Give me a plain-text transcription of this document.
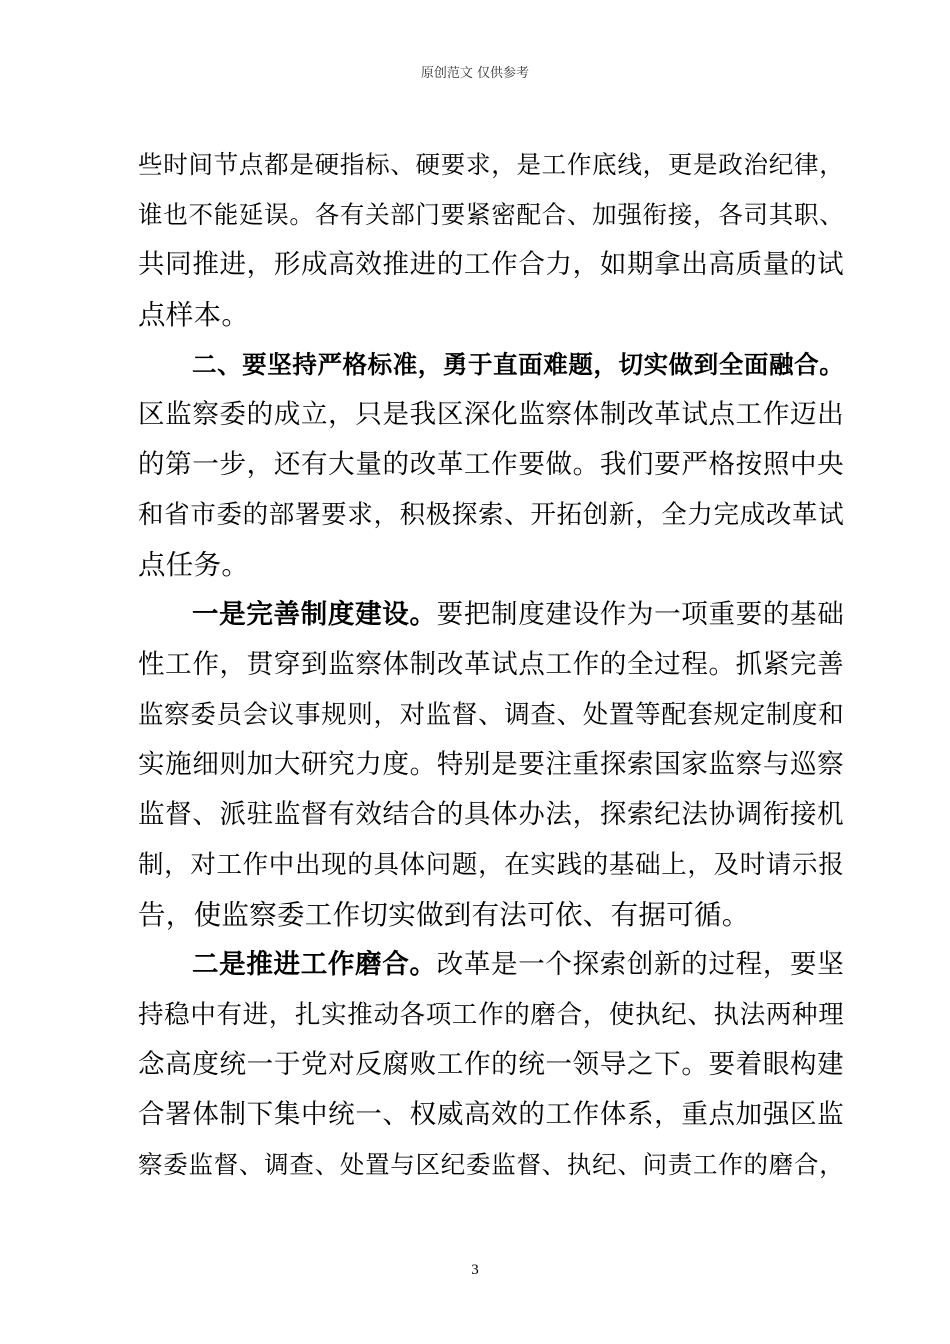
原创范文 仅供参考
些时间节点都是硬指标、硬要求，是工作底线，更是政治纪律，
谁也不能延误。各有关部门要紧密配合、加强衔接，各司其职、
共同推进，形成高效推进的工作合力，如期拿出高质量的试
点样本。
二、要坚持严格标准，勇于直面难题，切实做到全面融合。
区监察委的成立，只是我区深化监察体制改革试点工作迈出
的第一步，还有大量的改革工作要做。我们要严格按照中央
和省市委的部署要求，积极探索、开拓创新，全力完成改革试
点任务。
一是完善制度建设。要把制度建设作为一项重要的基础
性工作，贯穿到监察体制改革试点工作的全过程。抓紧完善
监察委员会议事规则，对监督、调查、处置等配套规定制度和
实施细则加大研究力度。特别是要注重探索国家监察与巡察
监督、派驻监督有效结合的具体办法，探索纪法协调衔接机
制，对工作中出现的具体问题，在实践的基础上，及时请示报
告，使监察委工作切实做到有法可依、有据可循。
二是推进工作磨合。改革是一个探索创新的过程，要坚
持稳中有进，扎实推动各项工作的磨合，使执纪、执法两种理
念高度统一于党对反腐败工作的统一领导之下。要着眼构建
合署体制下集中统一、权威高效的工作体系，重点加强区监
察委监督、调查、处置与区纪委监督、执纪、问责工作的磨合，
3
